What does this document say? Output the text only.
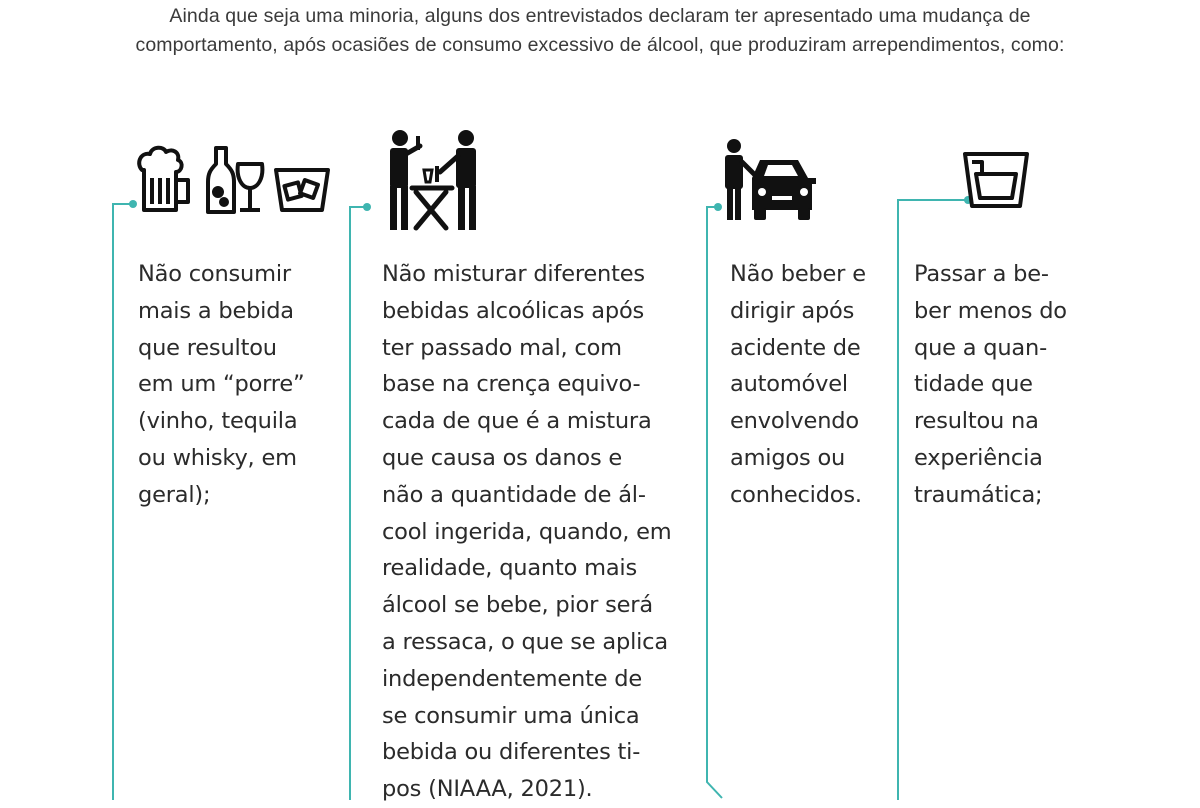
Ainda que seja uma minoria, alguns dos entrevistados declaram ter apresentado uma mudança de
comportamento, após ocasiões de consumo excessivo de álcool, que produziram arrependimentos, como:
Não consumir
mais a bebida
que resultou
em um “porre”
(vinho, tequila
ou whisky, em
geral);
Não misturar diferentes
bebidas alcoólicas após
ter passado mal, com
base na crença equivo-
cada de que é a mistura
que causa os danos e
não a quantidade de ál-
cool ingerida, quando, em
realidade, quanto mais
álcool se bebe, pior será
a ressaca, o que se aplica
independentemente de
se consumir uma única
bebida ou diferentes ti-
pos (NIAAA, 2021).
Não beber e
dirigir após
acidente de
automóvel
envolvendo
amigos ou
conhecidos.
Passar a be-
ber menos do
que a quan-
tidade que
resultou na
experiência
traumática;
